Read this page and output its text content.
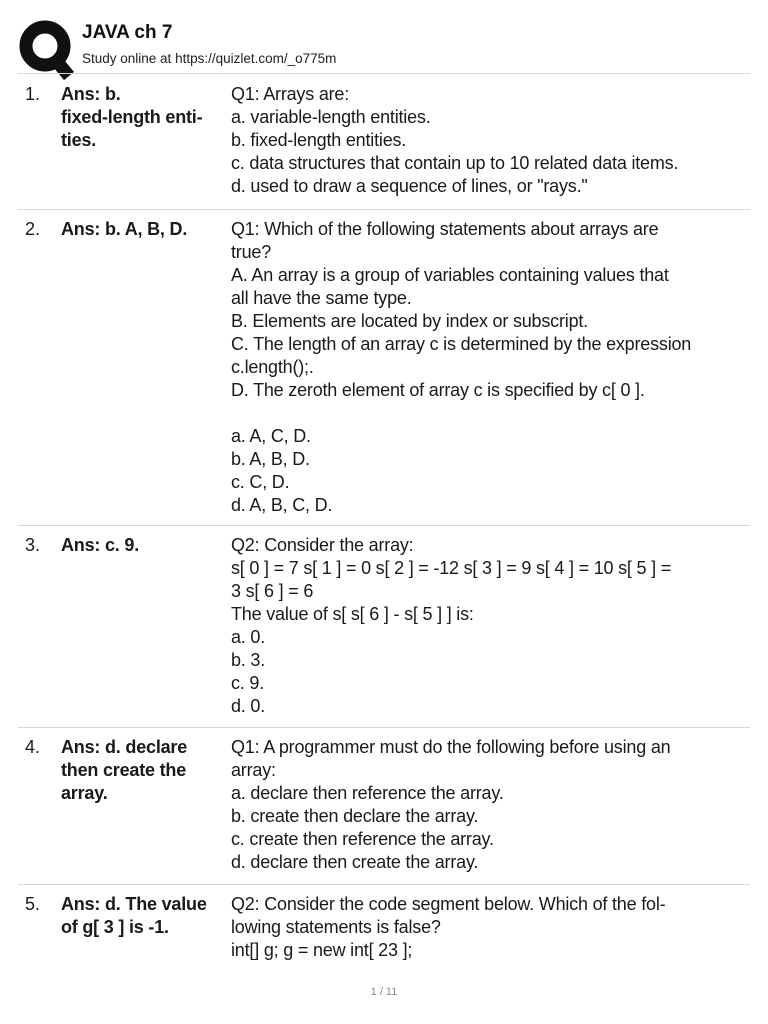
JAVA ch 7
Study online at https://quizlet.com/_o775m
1. Ans: b.
fixed-length enti-
ties.
Q1: Arrays are:
a. variable-length entities.
b. fixed-length entities.
c. data structures that contain up to 10 related data items.
d. used to draw a sequence of lines, or "rays."
2. Ans: b. A, B, D.	Q1: Which of the following statements about arrays are
true?
A. An array is a group of variables containing values that
all have the same type.
B. Elements are located by index or subscript.
C. The length of an array c is determined by the expression
c.length();.
D. The zeroth element of array c is specified by c[ 0 ].
a. A, C, D.
b. A, B, D.
c. C, D.
d. A, B, C, D.
3. Ans: c. 9.	Q2: Consider the array:
s[ 0 ] = 7 s[ 1 ] = 0 s[ 2 ] = -12 s[ 3 ] = 9 s[ 4 ] = 10 s[ 5 ] =
3 s[ 6 ] = 6
The value of s[ s[ 6 ] - s[ 5 ] ] is:
a. 0.
b. 3.
c. 9.
d. 0.
4. Ans: d. declare
then create the
array.
Q1: A programmer must do the following before using an
array:
a. declare then reference the array.
b. create then declare the array.
c. create then reference the array.
d. declare then create the array.
5. Ans: d. The value
of g[ 3 ] is -1.
Q2: Consider the code segment below. Which of the fol-
lowing statements is false?
int[] g; g = new int[ 23 ];
1 / 11
